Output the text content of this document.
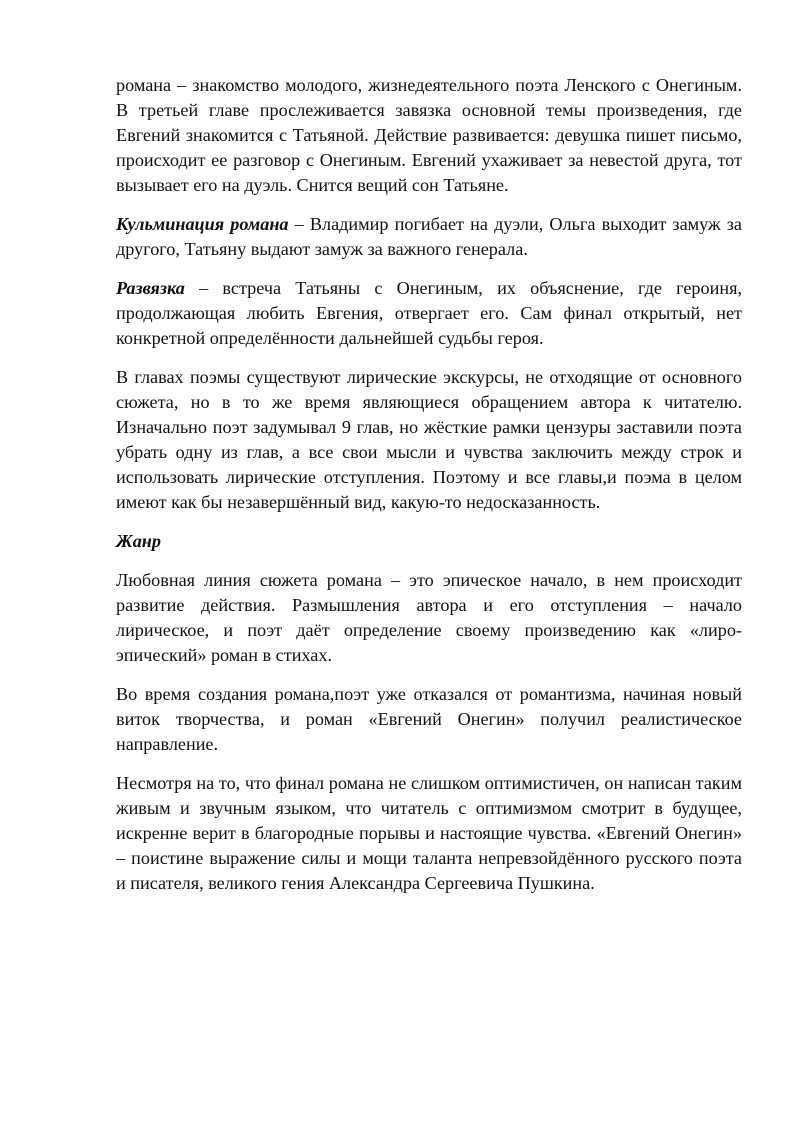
романа – знакомство молодого, жизнедеятельного поэта Ленского с Онегиным. В третьей главе прослеживается завязка основной темы произведения, где Евгений знакомится с Татьяной. Действие развивается: девушка пишет письмо, происходит ее разговор с Онегиным. Евгений ухаживает за невестой друга, тот вызывает его на дуэль. Снится вещий сон Татьяне.

Кульминация романа – Владимир погибает на дуэли, Ольга выходит замуж за другого, Татьяну выдают замуж за важного генерала.

Развязка – встреча Татьяны с Онегиным, их объяснение, где героиня, продолжающая любить Евгения, отвергает его. Сам финал открытый, нет конкретной определённости дальнейшей судьбы героя.

В главах поэмы существуют лирические экскурсы, не отходящие от основного сюжета, но в то же время являющиеся обращением автора к читателю. Изначально поэт задумывал 9 глав, но жёсткие рамки цензуры заставили поэта убрать одну из глав, а все свои мысли и чувства заключить между строк и использовать лирические отступления. Поэтому и все главы,и поэма в целом имеют как бы незавершённый вид, какую-то недосказанность.

Жанр

Любовная линия сюжета романа – это эпическое начало, в нем происходит развитие действия. Размышления автора и его отступления – начало лирическое, и поэт даёт определение своему произведению как «лиро-эпический» роман в стихах.

Во время создания романа,поэт уже отказался от романтизма, начиная новый виток творчества, и роман «Евгений Онегин» получил реалистическое направление.

Несмотря на то, что финал романа не слишком оптимистичен, он написан таким живым и звучным языком, что читатель с оптимизмом смотрит в будущее, искренне верит в благородные порывы и настоящие чувства. «Евгений Онегин» – поистине выражение силы и мощи таланта непревзойдённого русского поэта и писателя, великого гения Александра Сергеевича Пушкина.
